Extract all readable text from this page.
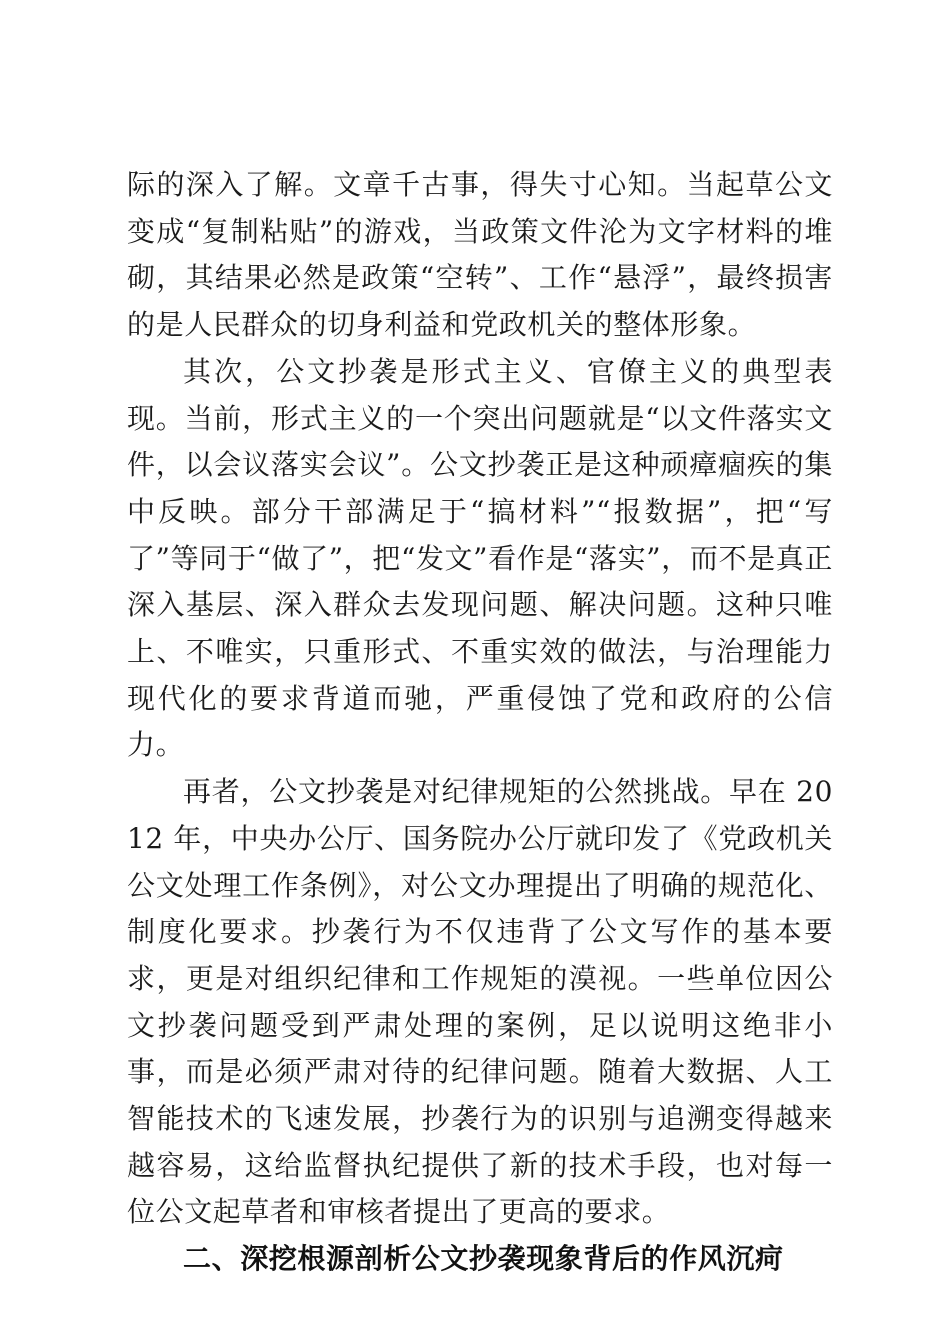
际的深入了解。文章千古事，得失寸心知。当起草公文变成“复制粘贴”的游戏，当政策文件沦为文字材料的堆砌，其结果必然是政策“空转”、工作“悬浮”，最终损害的是人民群众的切身利益和党政机关的整体形象。

其次，公文抄袭是形式主义、官僚主义的典型表现。当前，形式主义的一个突出问题就是“以文件落实文件，以会议落实会议”。公文抄袭正是这种顽瘴痼疾的集中反映。部分干部满足于“搞材料”“报数据”，把“写了”等同于“做了”，把“发文”看作是“落实”，而不是真正深入基层、深入群众去发现问题、解决问题。这种只唯上、不唯实，只重形式、不重实效的做法，与治理能力现代化的要求背道而驰，严重侵蚀了党和政府的公信力。

再者，公文抄袭是对纪律规矩的公然挑战。早在 2012 年，中央办公厅、国务院办公厅就印发了《党政机关公文处理工作条例》，对公文办理提出了明确的规范化、制度化要求。抄袭行为不仅违背了公文写作的基本要求，更是对组织纪律和工作规矩的漠视。一些单位因公文抄袭问题受到严肃处理的案例，足以说明这绝非小事，而是必须严肃对待的纪律问题。随着大数据、人工智能技术的飞速发展，抄袭行为的识别与追溯变得越来越容易，这给监督执纪提供了新的技术手段，也对每一位公文起草者和审核者提出了更高的要求。

二、深挖根源剖析公文抄袭现象背后的作风沉疴
